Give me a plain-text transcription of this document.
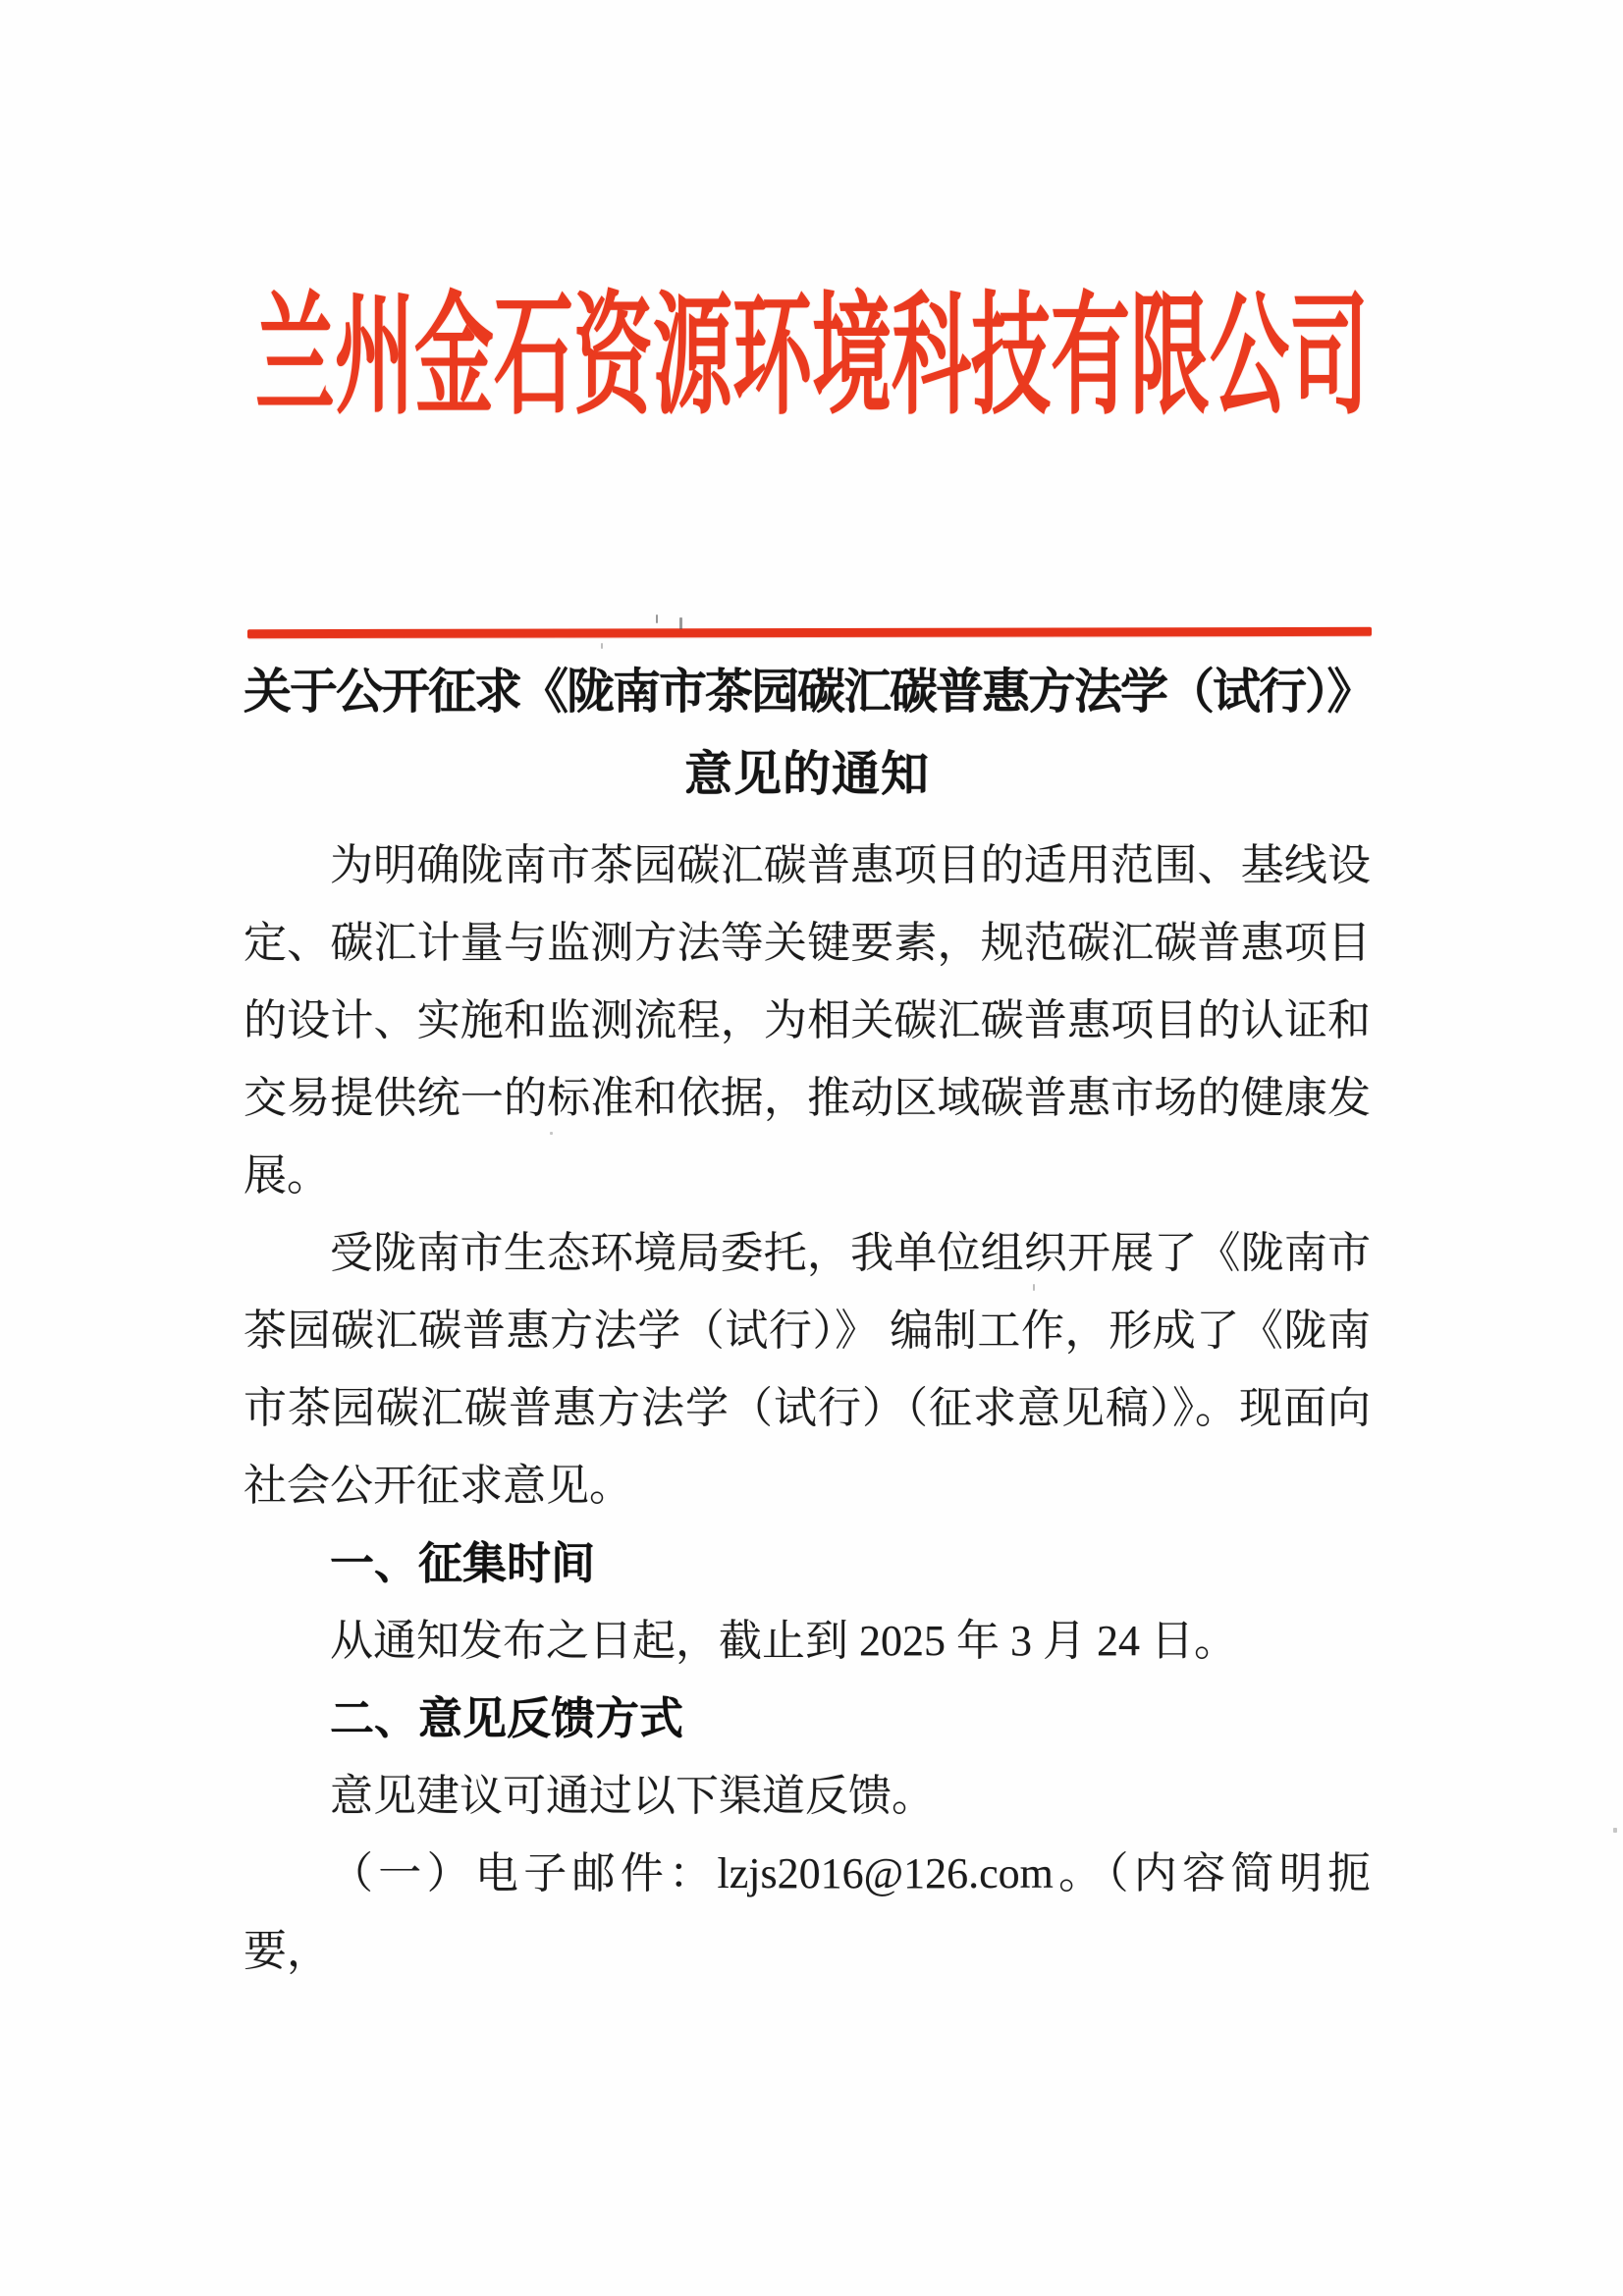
兰州金石资源环境科技有限公司
关于公开征求《陇南市茶园碳汇碳普惠方法学（试行）》
意见的通知

为明确陇南市茶园碳汇碳普惠项目的适用范围、基线设定、碳汇计量与监测方法等关键要素，规范碳汇碳普惠项目的设计、实施和监测流程，为相关碳汇碳普惠项目的认证和交易提供统一的标准和依据，推动区域碳普惠市场的健康发展。

受陇南市生态环境局委托，我单位组织开展了《陇南市茶园碳汇碳普惠方法学（试行）》 编制工作，形成了《陇南市茶园碳汇碳普惠方法学（试行）（征求意见稿）》。现面向社会公开征求意见。

一、征集时间

从通知发布之日起，截止到 2025 年 3 月 24 日。

二、意见反馈方式

意见建议可通过以下渠道反馈。

（一）电子邮件：lzjs2016@126.com。（内容简明扼要，
